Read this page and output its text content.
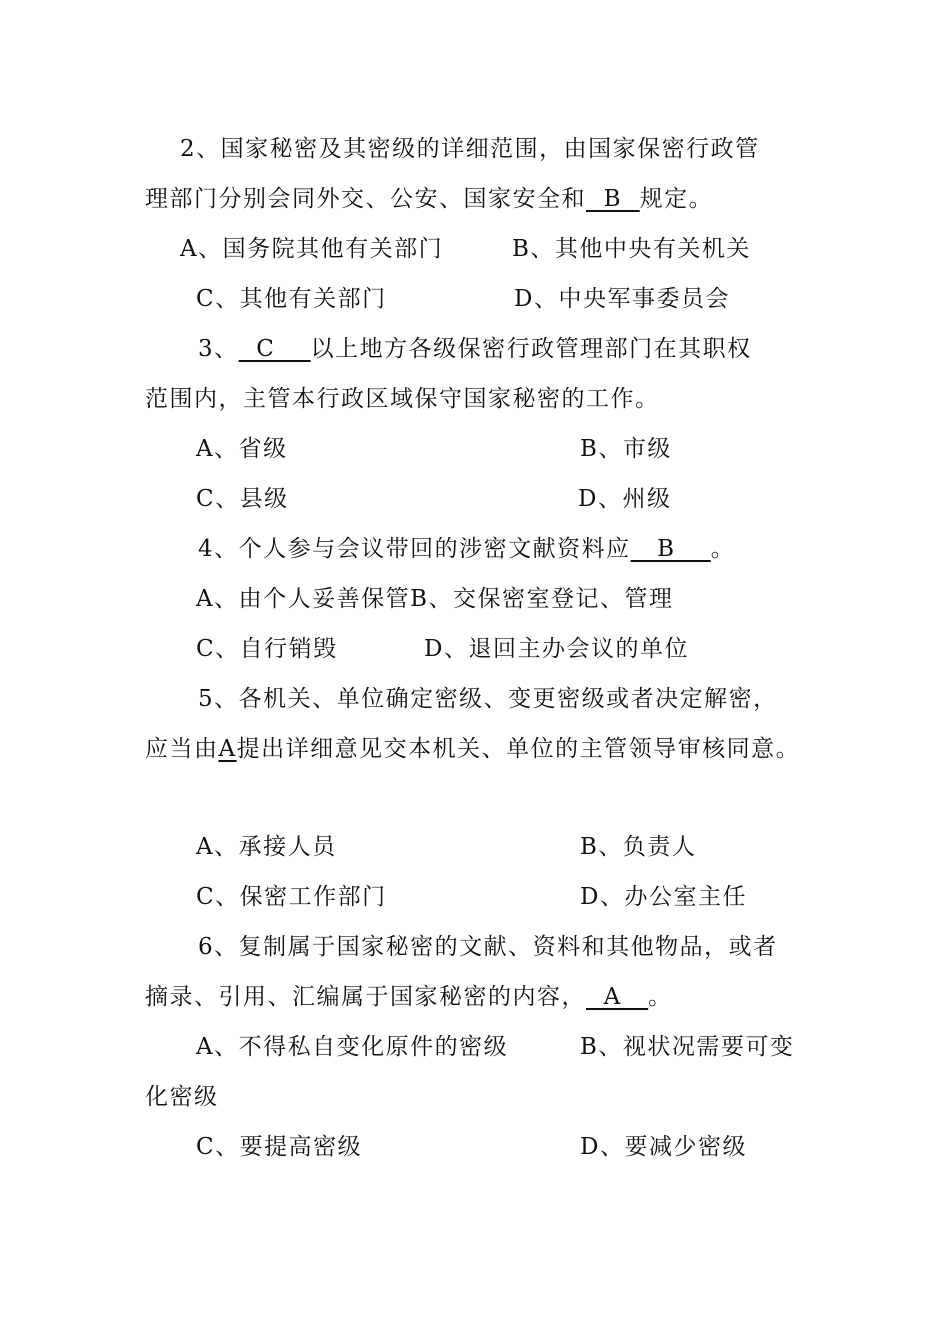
2、国家秘密及其密级的详细范围，由国家保密行政管
理部门分别会同外交、公安、国家安全和  B  规定。
A、国务院其他有关部门	B、其他中央有关机关
C、其他有关部门	D、中央军事委员会
3、  C    以上地方各级保密行政管理部门在其职权
范围内，主管本行政区域保守国家秘密的工作。
A、省级	B、市级
C、县级	D、州级
4、个人参与会议带回的涉密文献资料应   B    。
A、由个人妥善保管B、交保密室登记、管理
C、自行销毁	D、退回主办会议的单位
5、各机关、单位确定密级、变更密级或者决定解密，
应当由A提出详细意见交本机关、单位的主管领导审核同意。
A、承接人员	B、负责人
C、保密工作部门	D、办公室主任
6、复制属于国家秘密的文献、资料和其他物品，或者
摘录、引用、汇编属于国家秘密的内容，  A   。
A、不得私自变化原件的密级	B、视状况需要可变
化密级
C、要提高密级	D、要减少密级
